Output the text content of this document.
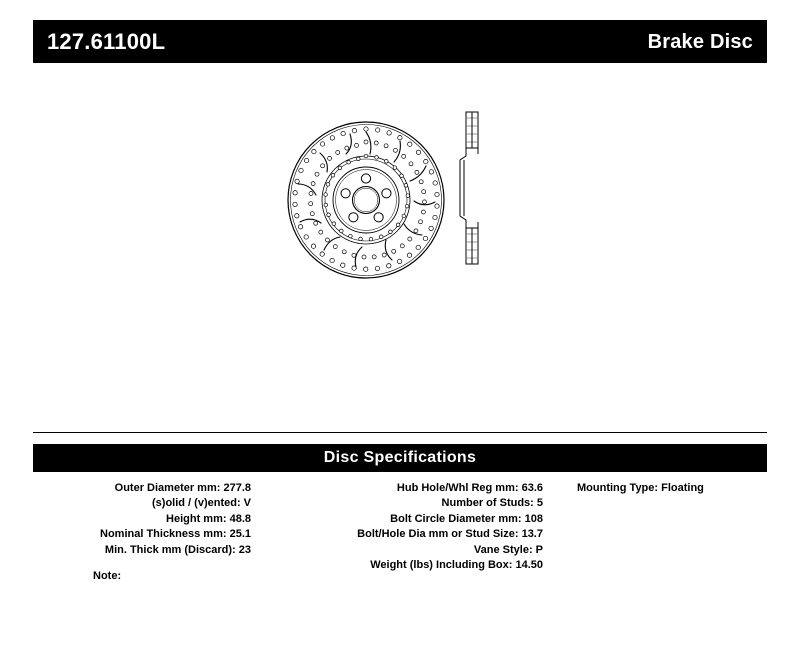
127.61100L	Brake Disc
Disc Specifications
Outer Diameter mm: 277.8
(s)olid / (v)ented: V
Height mm: 48.8
Nominal Thickness mm: 25.1
Min. Thick mm (Discard): 23
Hub Hole/Whl Reg mm: 63.6
Number of Studs: 5
Bolt Circle Diameter mm: 108
Bolt/Hole Dia mm or Stud Size: 13.7
Vane Style: P
Weight (lbs) Including Box: 14.50
Mounting Type: Floating
Note:
